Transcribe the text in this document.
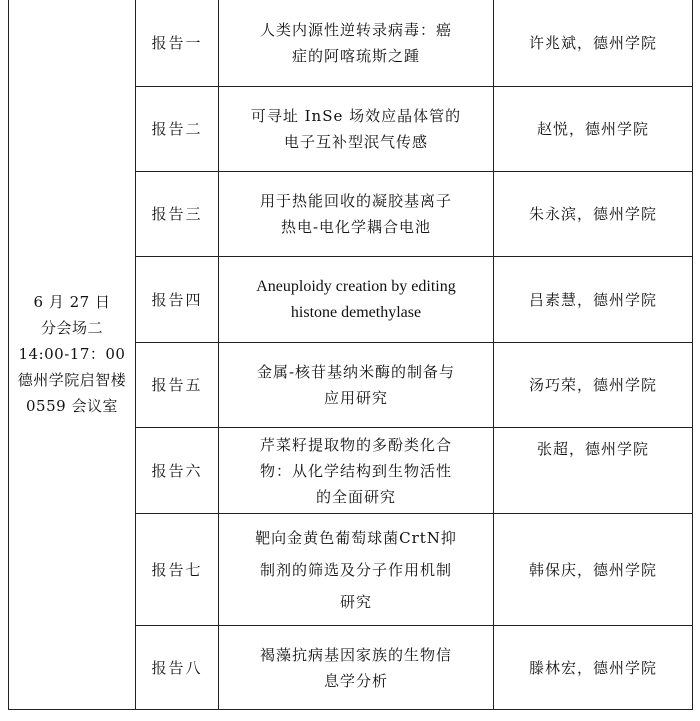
6 月 27 日
分会场二
14:00-17：00
德州学院启智楼 0559 会议室	报告一	人类内源性逆转录病毒：癌
症的阿喀琉斯之踵	许兆斌，德州学院
	报告二	可寻址 InSe 场效应晶体管的
电子互补型泯气传感	赵悦，德州学院
	报告三	用于热能回收的凝胶基离子
热电-电化学耦合电池	朱永滨，德州学院
	报告四	Aneuploidy creation by editing
histone demethylase	吕素慧，德州学院
	报告五	金属-核苷基纳米酶的制备与
应用研究	汤巧荣，德州学院
	报告六	芹菜籽提取物的多酚类化合
物：从化学结构到生物活性
的全面研究	张超，德州学院
	报告七	靶向金黄色葡萄球菌CrtN抑
制剂的筛选及分子作用机制
研究	韩保庆，德州学院
	报告八	褐藻抗病基因家族的生物信
息学分析	滕林宏，德州学院
